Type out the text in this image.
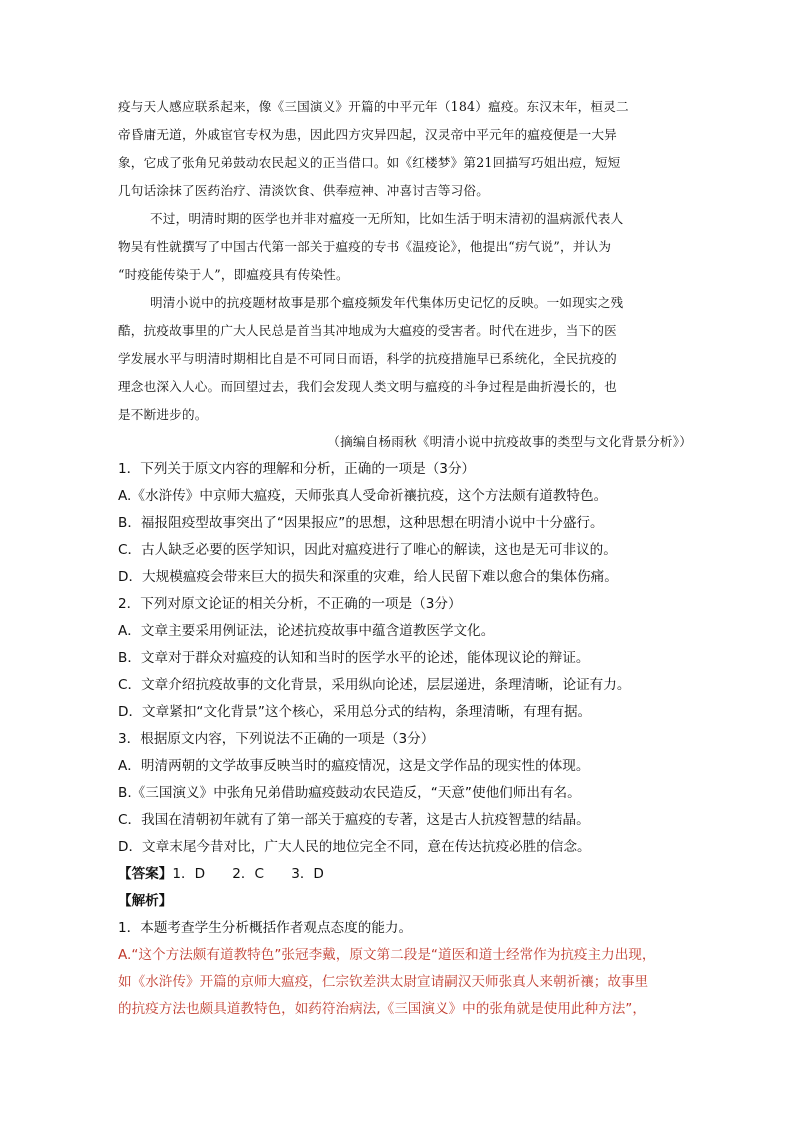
疫与天人感应联系起来，像《三国演义》开篇的中平元年（184）瘟疫。东汉末年，桓灵二
帝昏庸无道，外戚宦官专权为患，因此四方灾异四起，汉灵帝中平元年的瘟疫便是一大异
象，它成了张角兄弟鼓动农民起义的正当借口。如《红楼梦》第21回描写巧姐出痘，短短
几句话涂抹了医药治疗、清淡饮食、供奉痘神、冲喜讨吉等习俗。
不过，明清时期的医学也并非对瘟疫一无所知，比如生活于明末清初的温病派代表人
物吴有性就撰写了中国古代第一部关于瘟疫的专书《温疫论》，他提出“疠气说”，并认为
“时疫能传染于人”，即瘟疫具有传染性。
明清小说中的抗疫题材故事是那个瘟疫频发年代集体历史记忆的反映。一如现实之残
酷，抗疫故事里的广大人民总是首当其冲地成为大瘟疫的受害者。时代在进步，当下的医
学发展水平与明清时期相比自是不可同日而语，科学的抗疫措施早已系统化，全民抗疫的
理念也深入人心。而回望过去，我们会发现人类文明与瘟疫的斗争过程是曲折漫长的，也
是不断进步的。
（摘编自杨雨秋《明清小说中抗疫故事的类型与文化背景分析》）
1．下列关于原文内容的理解和分析，正确的一项是（3分）
A.《水浒传》中京师大瘟疫，天师张真人受命祈禳抗疫，这个方法颇有道教特色。
B．福报阻疫型故事突出了“因果报应”的思想，这种思想在明清小说中十分盛行。
C．古人缺乏必要的医学知识，因此对瘟疫进行了唯心的解读，这也是无可非议的。
D．大规模瘟疫会带来巨大的损失和深重的灾难，给人民留下难以愈合的集体伤痛。
2．下列对原文论证的相关分析，不正确的一项是（3分）
A．文章主要采用例证法，论述抗疫故事中蕴含道教医学文化。
B．文章对于群众对瘟疫的认知和当时的医学水平的论述，能体现议论的辩证。
C．文章介绍抗疫故事的文化背景，采用纵向论述，层层递进，条理清晰，论证有力。
D．文章紧扣“文化背景”这个核心，采用总分式的结构，条理清晰，有理有据。
3．根据原文内容，下列说法不正确的一项是（3分）
A．明清两朝的文学故事反映当时的瘟疫情况，这是文学作品的现实性的体现。
B.《三国演义》中张角兄弟借助瘟疫鼓动农民造反，“天意”使他们师出有名。
C．我国在清朝初年就有了第一部关于瘟疫的专著，这是古人抗疫智慧的结晶。
D．文章末尾今昔对比，广大人民的地位完全不同，意在传达抗疫必胜的信念。
【答案】1．D　　2．C　　3．D
【解析】
1．本题考查学生分析概括作者观点态度的能力。
A.“这个方法颇有道教特色”张冠李戴，原文第二段是“道医和道士经常作为抗疫主力出现，
如《水浒传》开篇的京师大瘟疫，仁宗钦差洪太尉宣请嗣汉天师张真人来朝祈禳；故事里
的抗疫方法也颇具道教特色，如药符治病法,《三国演义》中的张角就是使用此种方法”，
